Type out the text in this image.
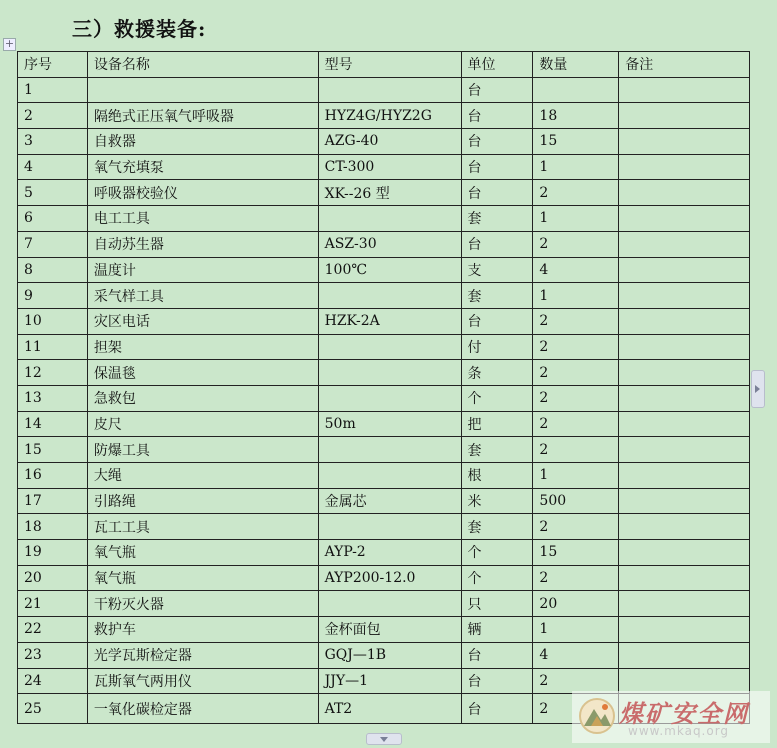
三）救援装备:
+
序号	设备名称	型号	单位	数量	备注
1			台		
2	隔绝式正压氧气呼吸器	HYZ4G/HYZ2G	台	18	
3	自救器	AZG-40	台	15	
4	氧气充填泵	CT-300	台	1	
5	呼吸器校验仪	XK--26 型	台	2	
6	电工工具		套	1	
7	自动苏生器	ASZ-30	台	2	
8	温度计	100℃	支	4	
9	采气样工具		套	1	
10	灾区电话	HZK-2A	台	2	
11	担架		付	2	
12	保温毯		条	2	
13	急救包		个	2	
14	皮尺	50m	把	2	
15	防爆工具		套	2	
16	大绳		根	1	
17	引路绳	金属芯	米	500	
18	瓦工工具		套	2	
19	氧气瓶	AYP-2	个	15	
20	氧气瓶	AYP200-12.0	个	2	
21	干粉灭火器		只	20	
22	救护车	金杯面包	辆	1	
23	光学瓦斯检定器	GQJ—1B	台	4	
24	瓦斯氧气两用仪	JJY—1	台	2	
25	一氧化碳检定器	AT2	台	2		煤矿安全网
www.mkaq.org
